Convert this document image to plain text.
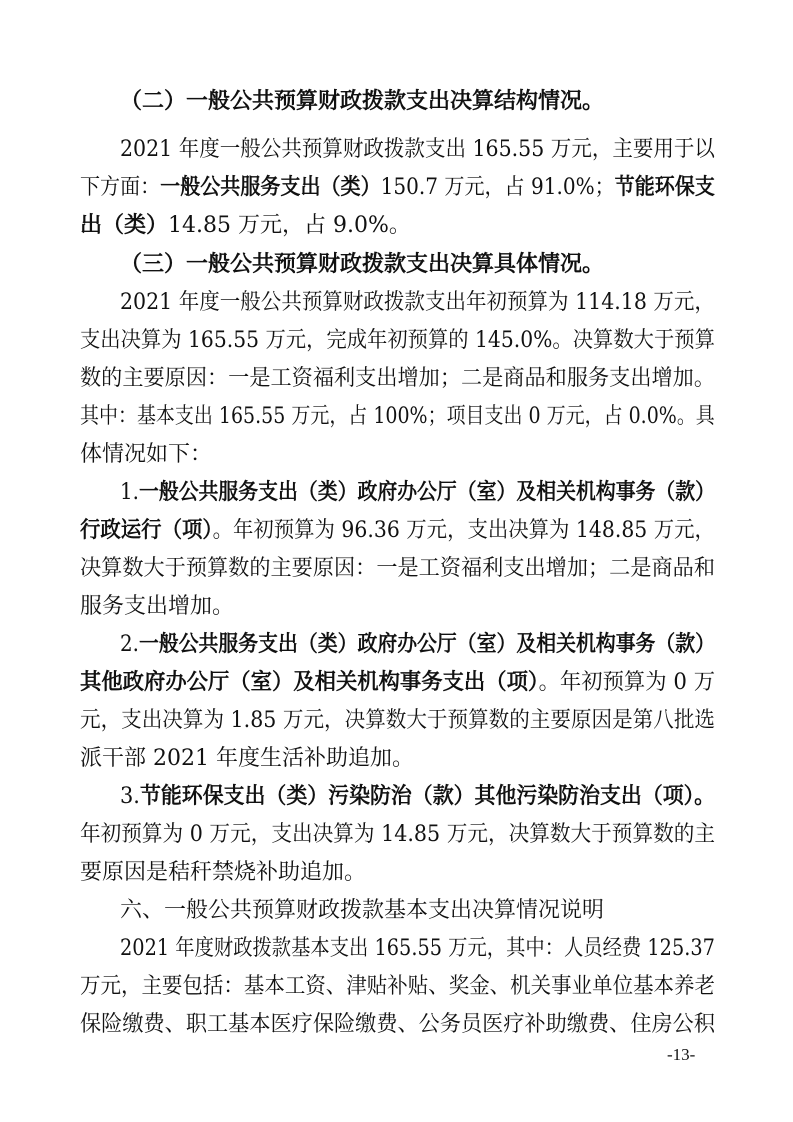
（二）一般公共预算财政拨款支出决算结构情况。
2021 年度一般公共预算财政拨款支出 165.55 万元，主要用于以
下方面：一般公共服务支出（类）150.7 万元，占 91.0%；节能环保支
出（类）14.85 万元，占 9.0%。
（三）一般公共预算财政拨款支出决算具体情况。
2021 年度一般公共预算财政拨款支出年初预算为 114.18 万元，
支出决算为 165.55 万元，完成年初预算的 145.0%。决算数大于预算
数的主要原因：一是工资福利支出增加；二是商品和服务支出增加。
其中：基本支出 165.55 万元，占 100%；项目支出 0 万元，占 0.0%。具
体情况如下：
1.一般公共服务支出（类）政府办公厅（室）及相关机构事务（款）
行政运行（项）。年初预算为 96.36 万元，支出决算为 148.85 万元，
决算数大于预算数的主要原因：一是工资福利支出增加；二是商品和
服务支出增加。
2.一般公共服务支出（类）政府办公厅（室）及相关机构事务（款）
其他政府办公厅（室）及相关机构事务支出（项）。年初预算为 0 万
元，支出决算为 1.85 万元，决算数大于预算数的主要原因是第八批选
派干部 2021 年度生活补助追加。
3.节能环保支出（类）污染防治（款）其他污染防治支出（项）。
年初预算为 0 万元，支出决算为 14.85 万元，决算数大于预算数的主
要原因是秸秆禁烧补助追加。
六、一般公共预算财政拨款基本支出决算情况说明
2021 年度财政拨款基本支出 165.55 万元，其中：人员经费 125.37
万元，主要包括：基本工资、津贴补贴、奖金、机关事业单位基本养老
保险缴费、职工基本医疗保险缴费、公务员医疗补助缴费、住房公积
-13-
